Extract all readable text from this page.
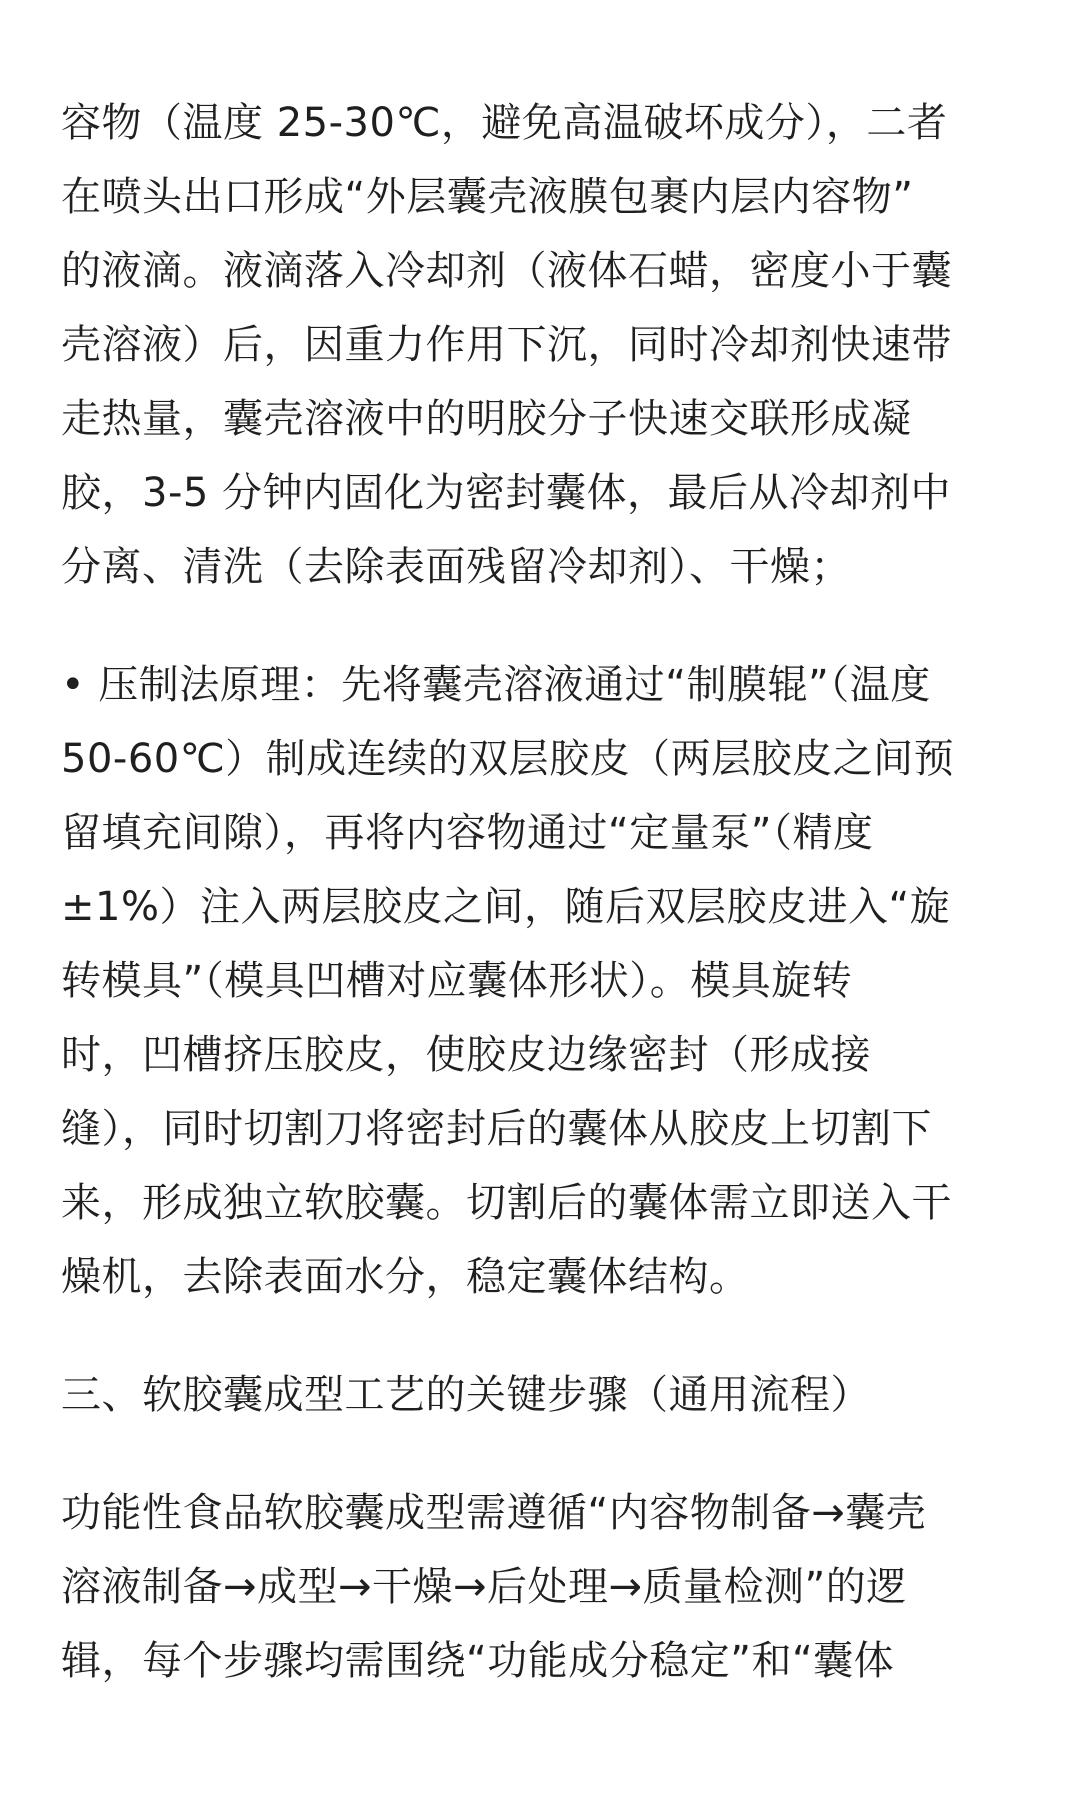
容物（温度 25-30℃，避免高温破坏成分），二者
在喷头出口形成“外层囊壳液膜包裹内层内容物”
的液滴。液滴落入冷却剂（液体石蜡，密度小于囊
壳溶液）后，因重力作用下沉，同时冷却剂快速带
走热量，囊壳溶液中的明胶分子快速交联形成凝
胶，3-5 分钟内固化为密封囊体，最后从冷却剂中
分离、清洗（去除表面残留冷却剂）、干燥；
• 压制法原理：先将囊壳溶液通过“制膜辊”（温度
50-60℃）制成连续的双层胶皮（两层胶皮之间预
留填充间隙），再将内容物通过“定量泵”（精度
±1%）注入两层胶皮之间，随后双层胶皮进入“旋
转模具”（模具凹槽对应囊体形状）。模具旋转
时，凹槽挤压胶皮，使胶皮边缘密封（形成接
缝），同时切割刀将密封后的囊体从胶皮上切割下
来，形成独立软胶囊。切割后的囊体需立即送入干
燥机，去除表面水分，稳定囊体结构。
三、软胶囊成型工艺的关键步骤（通用流程）
功能性食品软胶囊成型需遵循“内容物制备→囊壳
溶液制备→成型→干燥→后处理→质量检测”的逻
辑，每个步骤均需围绕“功能成分稳定”和“囊体
